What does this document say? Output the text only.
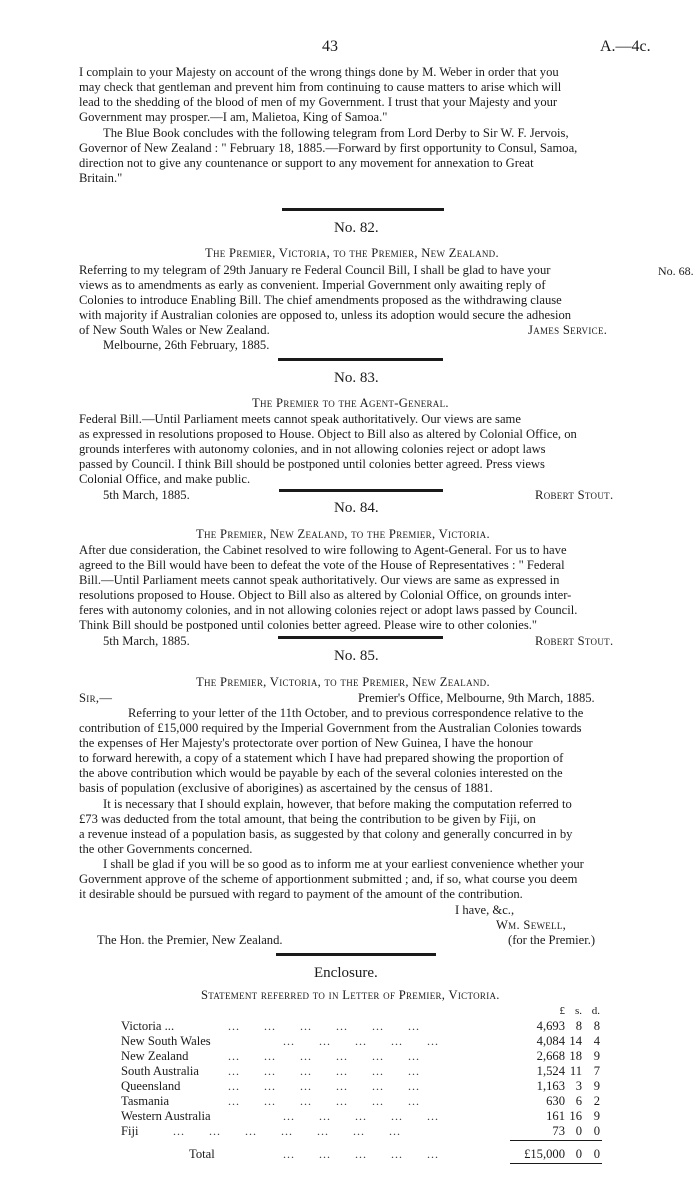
43	A.—4c.
I complain to your Majesty on account of the wrong things done by M. Weber in order that you
may check that gentleman and prevent him from continuing to cause matters to arise which will
lead to the shedding of the blood of men of my Government. I trust that your Majesty and your
Government may prosper.—I am, Malietoa, King of Samoa."
The Blue Book concludes with the following telegram from Lord Derby to Sir W. F. Jervois,
Governor of New Zealand : " February 18, 1885.—Forward by first opportunity to Consul, Samoa,
direction not to give any countenance or support to any movement for annexation to Great
Britain."
No. 82.
The Premier, Victoria, to the Premier, New Zealand.
Referring to my telegram of 29th January re Federal Council Bill, I shall be glad to have your	No. 68.
views as to amendments as early as convenient. Imperial Government only awaiting reply of
Colonies to introduce Enabling Bill. The chief amendments proposed as the withdrawing clause
with majority if Australian colonies are opposed to, unless its adoption would secure the adhesion
of New South Wales or New Zealand.	James Service.
Melbourne, 26th February, 1885.
No. 83.
The Premier to the Agent-General.
Federal Bill.—Until Parliament meets cannot speak authoritatively. Our views are same
as expressed in resolutions proposed to House. Object to Bill also as altered by Colonial Office, on
grounds interferes with autonomy colonies, and in not allowing colonies reject or adopt laws
passed by Council. I think Bill should be postponed until colonies better agreed. Press views
Colonial Office, and make public.
5th March, 1885.	Robert Stout.
No. 84.
The Premier, New Zealand, to the Premier, Victoria.
After due consideration, the Cabinet resolved to wire following to Agent-General. For us to have
agreed to the Bill would have been to defeat the vote of the House of Representatives : " Federal
Bill.—Until Parliament meets cannot speak authoritatively. Our views are same as expressed in
resolutions proposed to House. Object to Bill also as altered by Colonial Office, on grounds inter-
feres with autonomy colonies, and in not allowing colonies reject or adopt laws passed by Council.
Think Bill should be postponed until colonies better agreed. Please wire to other colonies."
5th March, 1885.	Robert Stout.
No. 85.
The Premier, Victoria, to the Premier, New Zealand.
Sir,—	Premier's Office, Melbourne, 9th March, 1885.
Referring to your letter of the 11th October, and to previous correspondence relative to the
contribution of £15,000 required by the Imperial Government from the Australian Colonies towards
the expenses of Her Majesty's protectorate over portion of New Guinea, I have the honour
to forward herewith, a copy of a statement which I have had prepared showing the proportion of
the above contribution which would be payable by each of the several colonies interested on the
basis of population (exclusive of aborigines) as ascertained by the census of 1881.
It is necessary that I should explain, however, that before making the computation referred to
£73 was deducted from the total amount, that being the contribution to be given by Fiji, on
a revenue instead of a population basis, as suggested by that colony and generally concurred in by
the other Governments concerned.
I shall be glad if you will be so good as to inform me at your earliest convenience whether your
Government approve of the scheme of apportionment submitted ; and, if so, what course you deem
it desirable should be pursued with regard to payment of the amount of the contribution.
I have, &c.,
Wm. Sewell,
The Hon. the Premier, New Zealand.	(for the Premier.)
Enclosure.
Statement referred to in Letter of Premier, Victoria.
£ s. d.
Victoria ...	...      ...      ...      ...      ...      ...	4,693 8 8
New South Wales	...      ...      ...      ...      ...	4,084 14 4
New Zealand	...      ...      ...      ...      ...      ...	2,668 18 9
South Australia ...      ...      ...      ...      ...      ...	1,524 11 7
Queensland	...      ...      ...      ...      ...      ...	1,163 3 9
Tasmania	...      ...      ...      ...      ...      ...	630 6 2
Western Australia	...      ...      ...      ...      ...	161 16 9
Fiji	...      ...      ...      ...      ...      ...      ...	73 0 0
Total	...      ...      ...      ...      ...	£15,000 0 0
